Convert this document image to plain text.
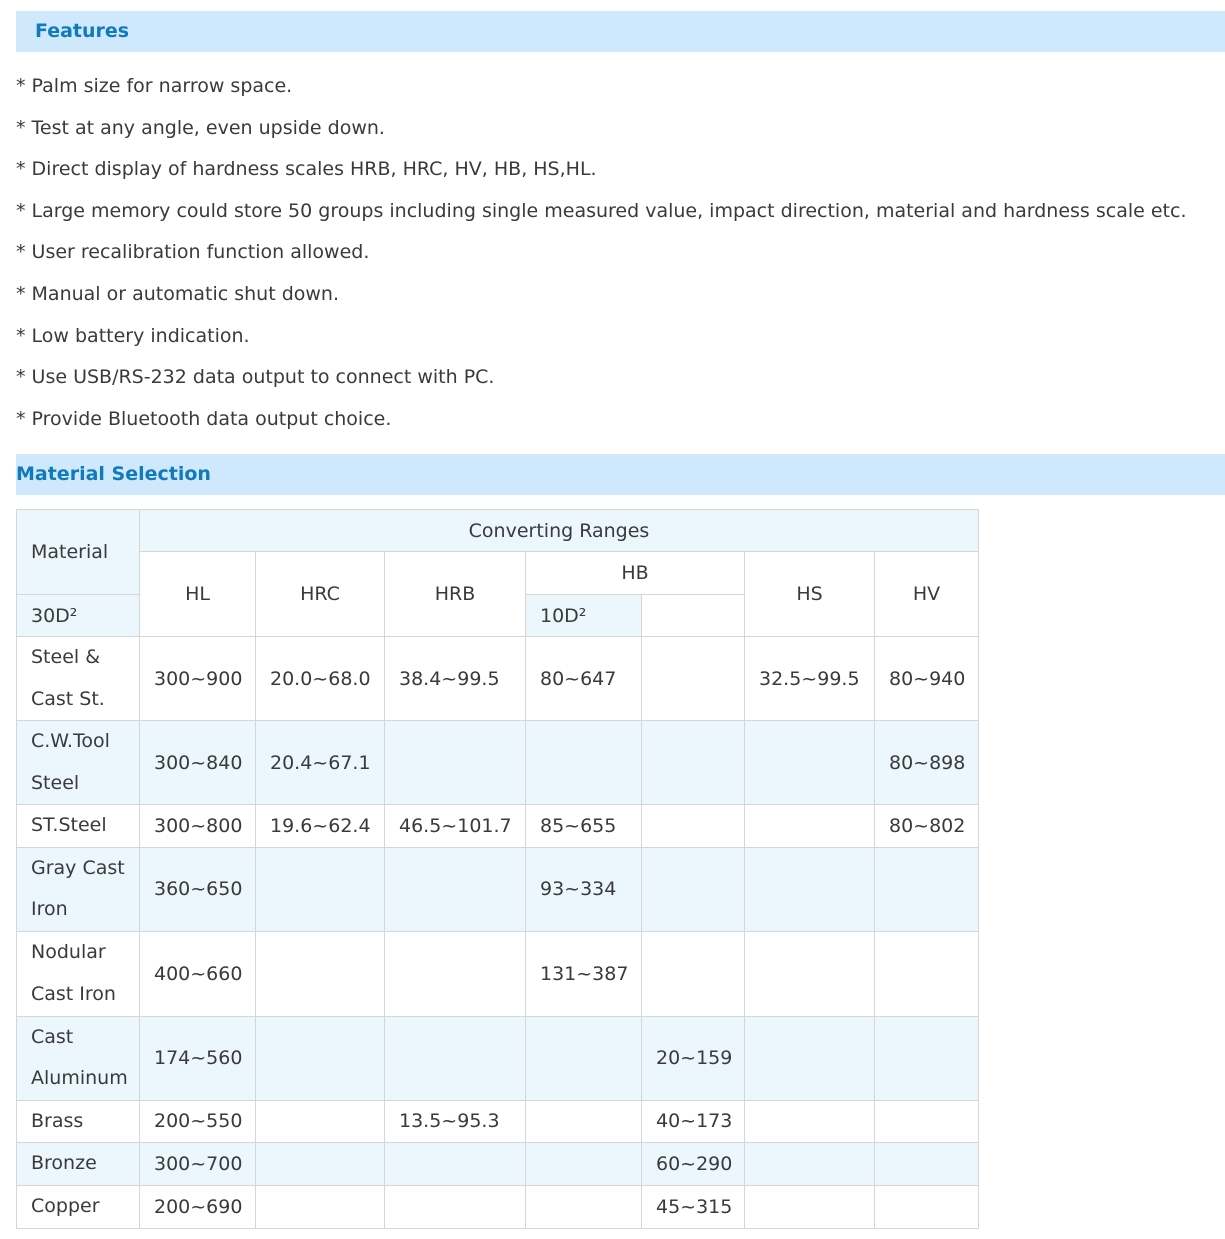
Features
* Palm size for narrow space.
* Test at any angle, even upside down.
* Direct display of hardness scales HRB, HRC, HV, HB, HS,HL.
* Large memory could store 50 groups including single measured value, impact direction, material and hardness scale etc.
* User recalibration function allowed.
* Manual or automatic shut down.
* Low battery indication.
* Use USB/RS-232 data output to connect with PC.
* Provide Bluetooth data output choice.
Material Selection
Material	Converting Ranges						
	HL	HRC	HRB	HB		HS	HV
30D²				10D²			
Steel & Cast St.	300~900	20.0~68.0	38.4~99.5	80~647		32.5~99.5	80~940
C.W.Tool Steel	300~840	20.4~67.1					80~898
ST.Steel	300~800	19.6~62.4	46.5~101.7	85~655			80~802
Gray Cast Iron	360~650			93~334			
Nodular Cast Iron	400~660			131~387			
Cast Aluminum	174~560				20~159		
Brass	200~550		13.5~95.3		40~173		
Bronze	300~700				60~290		
Copper	200~690				45~315		
